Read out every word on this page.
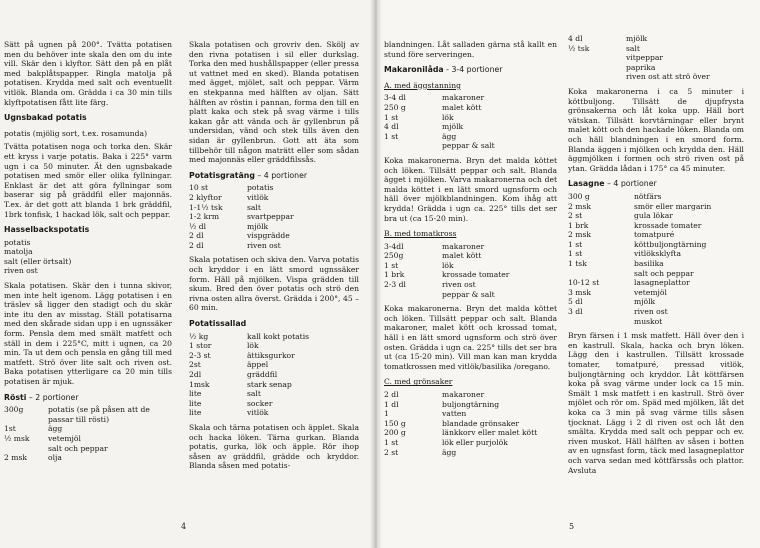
Sätt på ugnen på 200°. Tvätta potatisen men du behöver inte skala den om du inte vill. Skär den i klyftor. Sätt den på en plåt med bakplåtspapper. Ringla matolja på potatisen. Krydda med salt och eventuellt vitlök. Blanda om. Grädda i ca 30 min tills klyftpotatisen fått lite färg.

Ugnsbakad potatis

potatis (mjölig sort, t.ex. rosamunda)

Tvätta potatisen noga och torka den. Skär ett kryss i varje potatis. Baka i 225° varm ugn i ca 50 minuter. Ät den ugnsbakade potatisen med smör eller olika fyllningar. Enklast är det att göra fyllningar som baserar sig på gräddfil eller majonnäs. T.ex. är det gott att blanda 1 brk gräddfil, 1brk tonfisk, 1 hackad lök, salt och peppar.

Hasselbackspotatis
potatis
matolja
salt (eller örtsalt)
riven ost

Skala potatisen. Skär den i tunna skivor, men inte helt igenom. Lägg potatisen i en träslev så ligger den stadigt och du skär inte itu den av misstag. Ställ potatisarna med den skårade sidan upp i en ugnssäker form. Pensla dem med smält matfett och ställ in dem i 225°C, mitt i ugnen, ca 20 min. Ta ut dem och pensla en gång till med matfett. Strö över lite salt och riven ost. Baka potatisen ytterligare ca 20 min tills potatisen är mjuk.

Rösti – 2 portioner
300g	potatis (se på påsen att de passar till rösti)
1st	ägg
½ msk	vetemjöl
salt och peppar
2 msk	olja

Skala potatisen och grovriv den. Skölj av den rivna potatisen i sil eller durkslag. Torka den med hushållspapper (eller pressa ut vattnet med en sked). Blanda potatisen med ägget, mjölet, salt och peppar. Värm en stekpanna med hälften av oljan. Sätt hälften av röstin i pannan, forma den till en platt kaka och stek på svag värme i tills kakan går att vända och är gyllenbrun på undersidan, vänd och stek tills även den sidan är gyllenbrun. Gott att äta som tillbehör till någon maträtt eller som sådan med majonnäs eller gräddfilssås.

Potatisgratäng – 4 portioner
10 st	potatis
2 klyftor	vitlök
1-1½ tsk	salt
1-2 krm	svartpeppar
½ dl	mjölk
2 dl	vispgrädde
2 dl	riven ost

Skala potatisen och skiva den. Varva potatis och kryddor i en lätt smord ugnssäker form. Häll på mjölken. Vispa grädden till skum. Bred den över potatis och strö den rivna osten allra överst. Grädda i 200°, 45 – 60 min.

Potatissallad
½ kg	kall kokt potatis
1 stor	lök
2-3 st	ättiksgurkor
2st	äppel
2dl	gräddfil
1msk	stark senap
lite	salt
lite	socker
lite	vitlök

Skala och tärna potatisen och äpplet. Skala och hacka löken. Tärna gurkan. Blanda potatis, gurka, lök och äpple. Rör ihop såsen av gräddfil, grädde och kryddor. Blanda såsen med potatis-

4

blandningen. Låt salladen gärna stå kallt en stund före serveringen.

Makaronilåda - 3-4 portioner
A. med äggstanning
3-4 dl	makaroner
250 g	malet kött
1 st	lök
4 dl	mjölk
1 st	ägg
peppar & salt

Koka makaronerna. Bryn det malda köttet och löken. Tillsätt peppar och salt. Blanda ägget i mjölken. Varva makaronerna och det malda köttet i en lätt smord ugnsform och häll över mjölkblandningen. Kom ihåg att krydda! Grädda i ugn ca. 225° tills det ser bra ut (ca 15-20 min).

B. med tomatkross
3-4dl	makaroner
250g	malet kött
1 st	lök
1 brk	krossade tomater
2-3 dl	riven ost
peppar & salt

Koka makaronerna. Bryn det malda köttet och löken. Tillsätt peppar och salt. Blanda makaroner, malet kött och krossad tomat, häll i en lätt smord ugnsform och strö över osten. Grädda i ugn ca. 225° tills det ser bra ut (ca 15-20 min). Vill man kan man krydda tomatkrossen med vitlök/basilika /oregano.

C. med grönsaker
2 dl	makaroner
1 dl	buljongtärning
1	vatten
150 g	blandade grönsaker
200 g	länkkorv eller malet kött
1 st	lök eller purjolök
2 st	ägg
4 dl	mjölk
½ tsk	salt
vitpeppar
paprika
riven ost att strö över

Koka makaronerna i ca 5 minuter i köttbuljong. Tillsätt de djupfrysta grönsakerna och låt koka upp. Häll bort vätskan. Tillsätt korvtärningar eller brynt malet kött och den hackade löken. Blanda om och häll blandningen i en smord form. Blanda äggen i mjölken och krydda den. Häll äggmjölken i formen och strö riven ost på ytan. Grädda lådan i 175° ca 45 minuter.

Lasagne – 4 portioner
300 g	nötfärs
2 msk	smör eller margarin
2 st	gula lökar
1 brk	krossade tomater
2 msk	tomatpuré
1 st	köttbuljongtärning
1 st	vitlöksklyfta
1 tsk	basilika
salt och peppar
10-12 st	lasagneplattor
3 msk	vetemjöl
5 dl	mjölk
3 dl	riven ost
muskot

Bryn färsen i 1 msk matfett. Häll över den i en kastrull. Skala, hacka och bryn löken. Lägg den i kastrullen. Tillsätt krossade tomater, tomatpuré, pressad vitlök, buljongtärning och kryddor. Låt köttfärsen koka på svag värme under lock ca 15 min. Smält 1 msk matfett i en kastrull. Strö över mjölet och rör om. Späd med mjölken, låt det koka ca 3 min på svag värme tills såsen tjocknat. Lägg i 2 dl riven ost och låt den smälta. Krydda med salt och peppar och ev. riven muskot. Häll hälften av såsen i botten av en ugnsfast form, täck med lasagneplattor och varva sedan med köttfärssås och plattor. Avsluta

5
